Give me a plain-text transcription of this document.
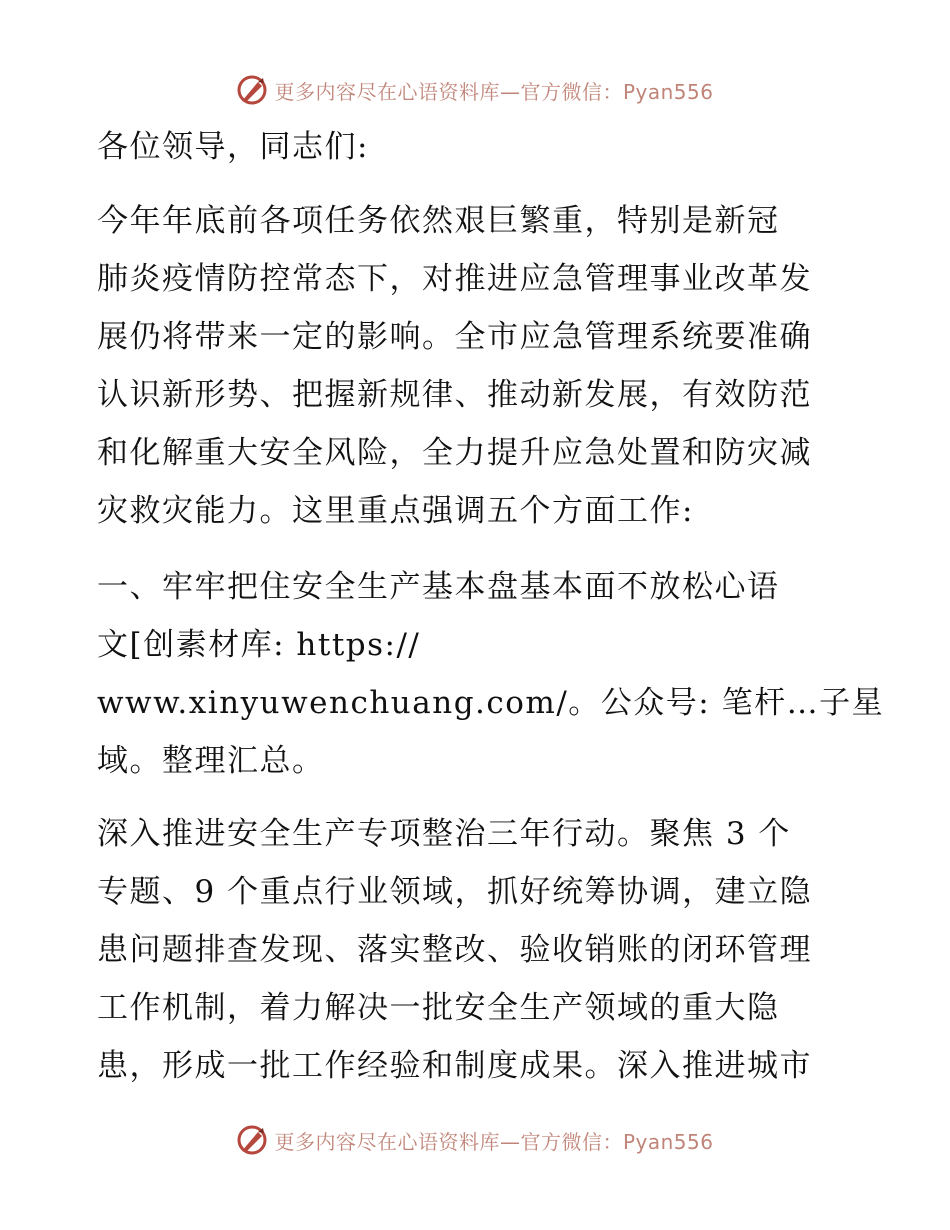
更多内容尽在心语资料库—官方微信：Pyan556

各位领导，同志们:

今年年底前各项任务依然艰巨繁重，特别是新冠
肺炎疫情防控常态下，对推进应急管理事业改革发
展仍将带来一定的影响。全市应急管理系统要准确
认识新形势、把握新规律、推动新发展，有效防范
和化解重大安全风险，全力提升应急处置和防灾减
灾救灾能力。这里重点强调五个方面工作:

一、牢牢把住安全生产基本盘基本面不放松心语
文[创素材库: https://
www.xinyuwenchuang.com/。公众号: 笔杆…子星
域。整理汇总。

深入推进安全生产专项整治三年行动。聚焦 3 个
专题、9 个重点行业领域，抓好统筹协调，建立隐
患问题排查发现、落实整改、验收销账的闭环管理
工作机制，着力解决一批安全生产领域的重大隐
患，形成一批工作经验和制度成果。深入推进城市

更多内容尽在心语资料库—官方微信：Pyan556
